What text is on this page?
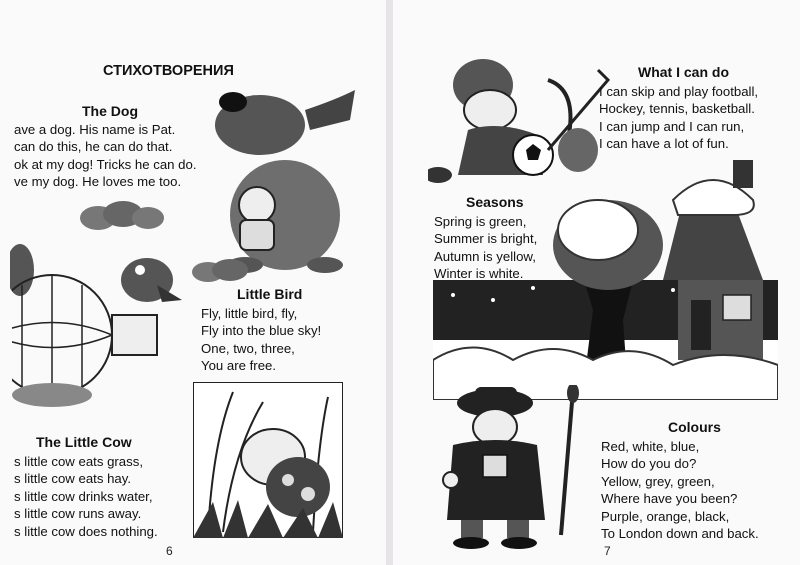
СТИХОТВОРЕНИЯ
The Dog
ave a dog. His name is Pat.
can do this, he can do that.
ok at my dog! Tricks he can do.
ve my dog. He loves me too.
Little Bird
Fly, little bird, fly,
Fly into the blue sky!
One, two, three,
You are free.
The Little Cow
s little cow eats grass,
s little cow eats hay.
s little cow drinks water,
s little cow runs away.
s little cow does nothing.
6
What I can do
I can skip and play football,
Hockey, tennis, basketball.
I can jump and I can run,
I can have a lot of fun.
Seasons
Spring is green,
Summer is bright,
Autumn is yellow,
Winter is white.
Colours
Red, white, blue,
How do you do?
Yellow, grey, green,
Where have you been?
Purple, orange, black,
To London down and back.
7
